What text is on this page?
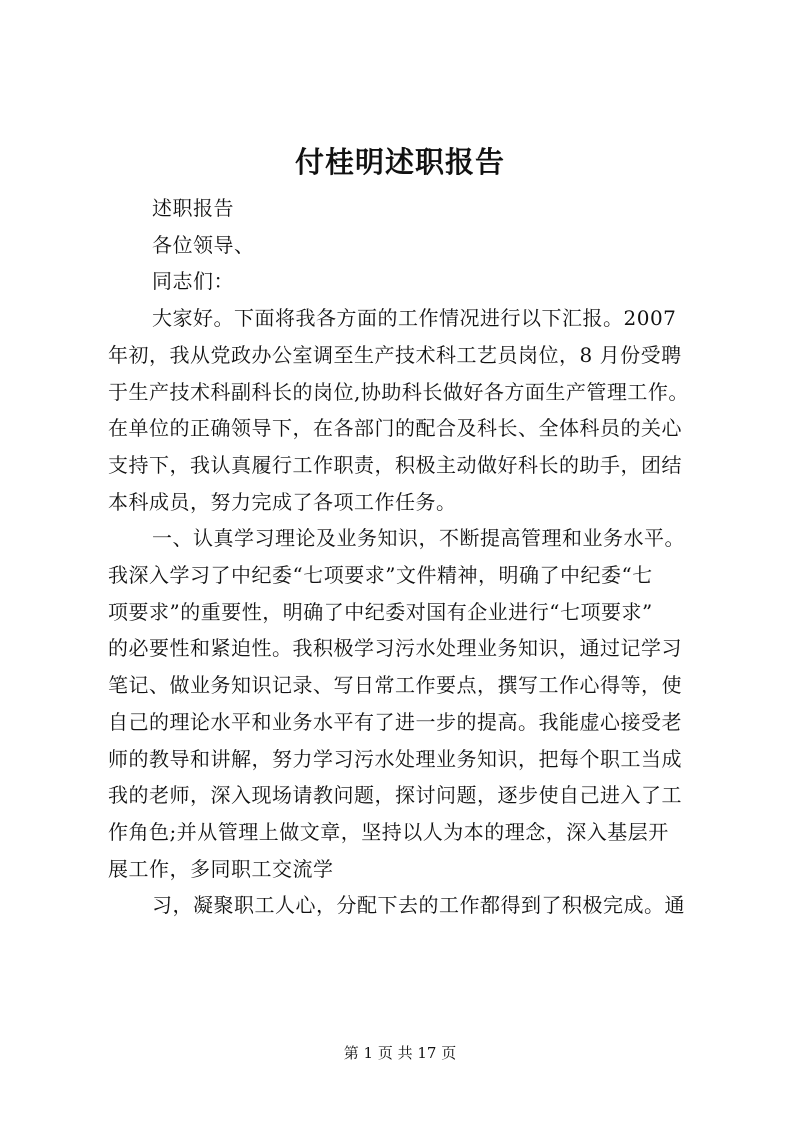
付桂明述职报告

述职报告

各位领导、

同志们：

大家好。下面将我各方面的工作情况进行以下汇报。2007

年初，我从党政办公室调至生产技术科工艺员岗位，8 月份受聘

于生产技术科副科长的岗位,协助科长做好各方面生产管理工作。

在单位的正确领导下，在各部门的配合及科长、全体科员的关心

支持下，我认真履行工作职责，积极主动做好科长的助手，团结

本科成员，努力完成了各项工作任务。

一、认真学习理论及业务知识，不断提高管理和业务水平。

我深入学习了中纪委“七项要求”文件精神，明确了中纪委“七

项要求”的重要性，明确了中纪委对国有企业进行“七项要求”

的必要性和紧迫性。我积极学习污水处理业务知识，通过记学习

笔记、做业务知识记录、写日常工作要点，撰写工作心得等，使

自己的理论水平和业务水平有了进一步的提高。我能虚心接受老

师的教导和讲解，努力学习污水处理业务知识，把每个职工当成

我的老师，深入现场请教问题，探讨问题，逐步使自己进入了工

作角色;并从管理上做文章，坚持以人为本的理念，深入基层开

展工作，多同职工交流学

习，凝聚职工人心，分配下去的工作都得到了积极完成。通

第 1 页 共 17 页
